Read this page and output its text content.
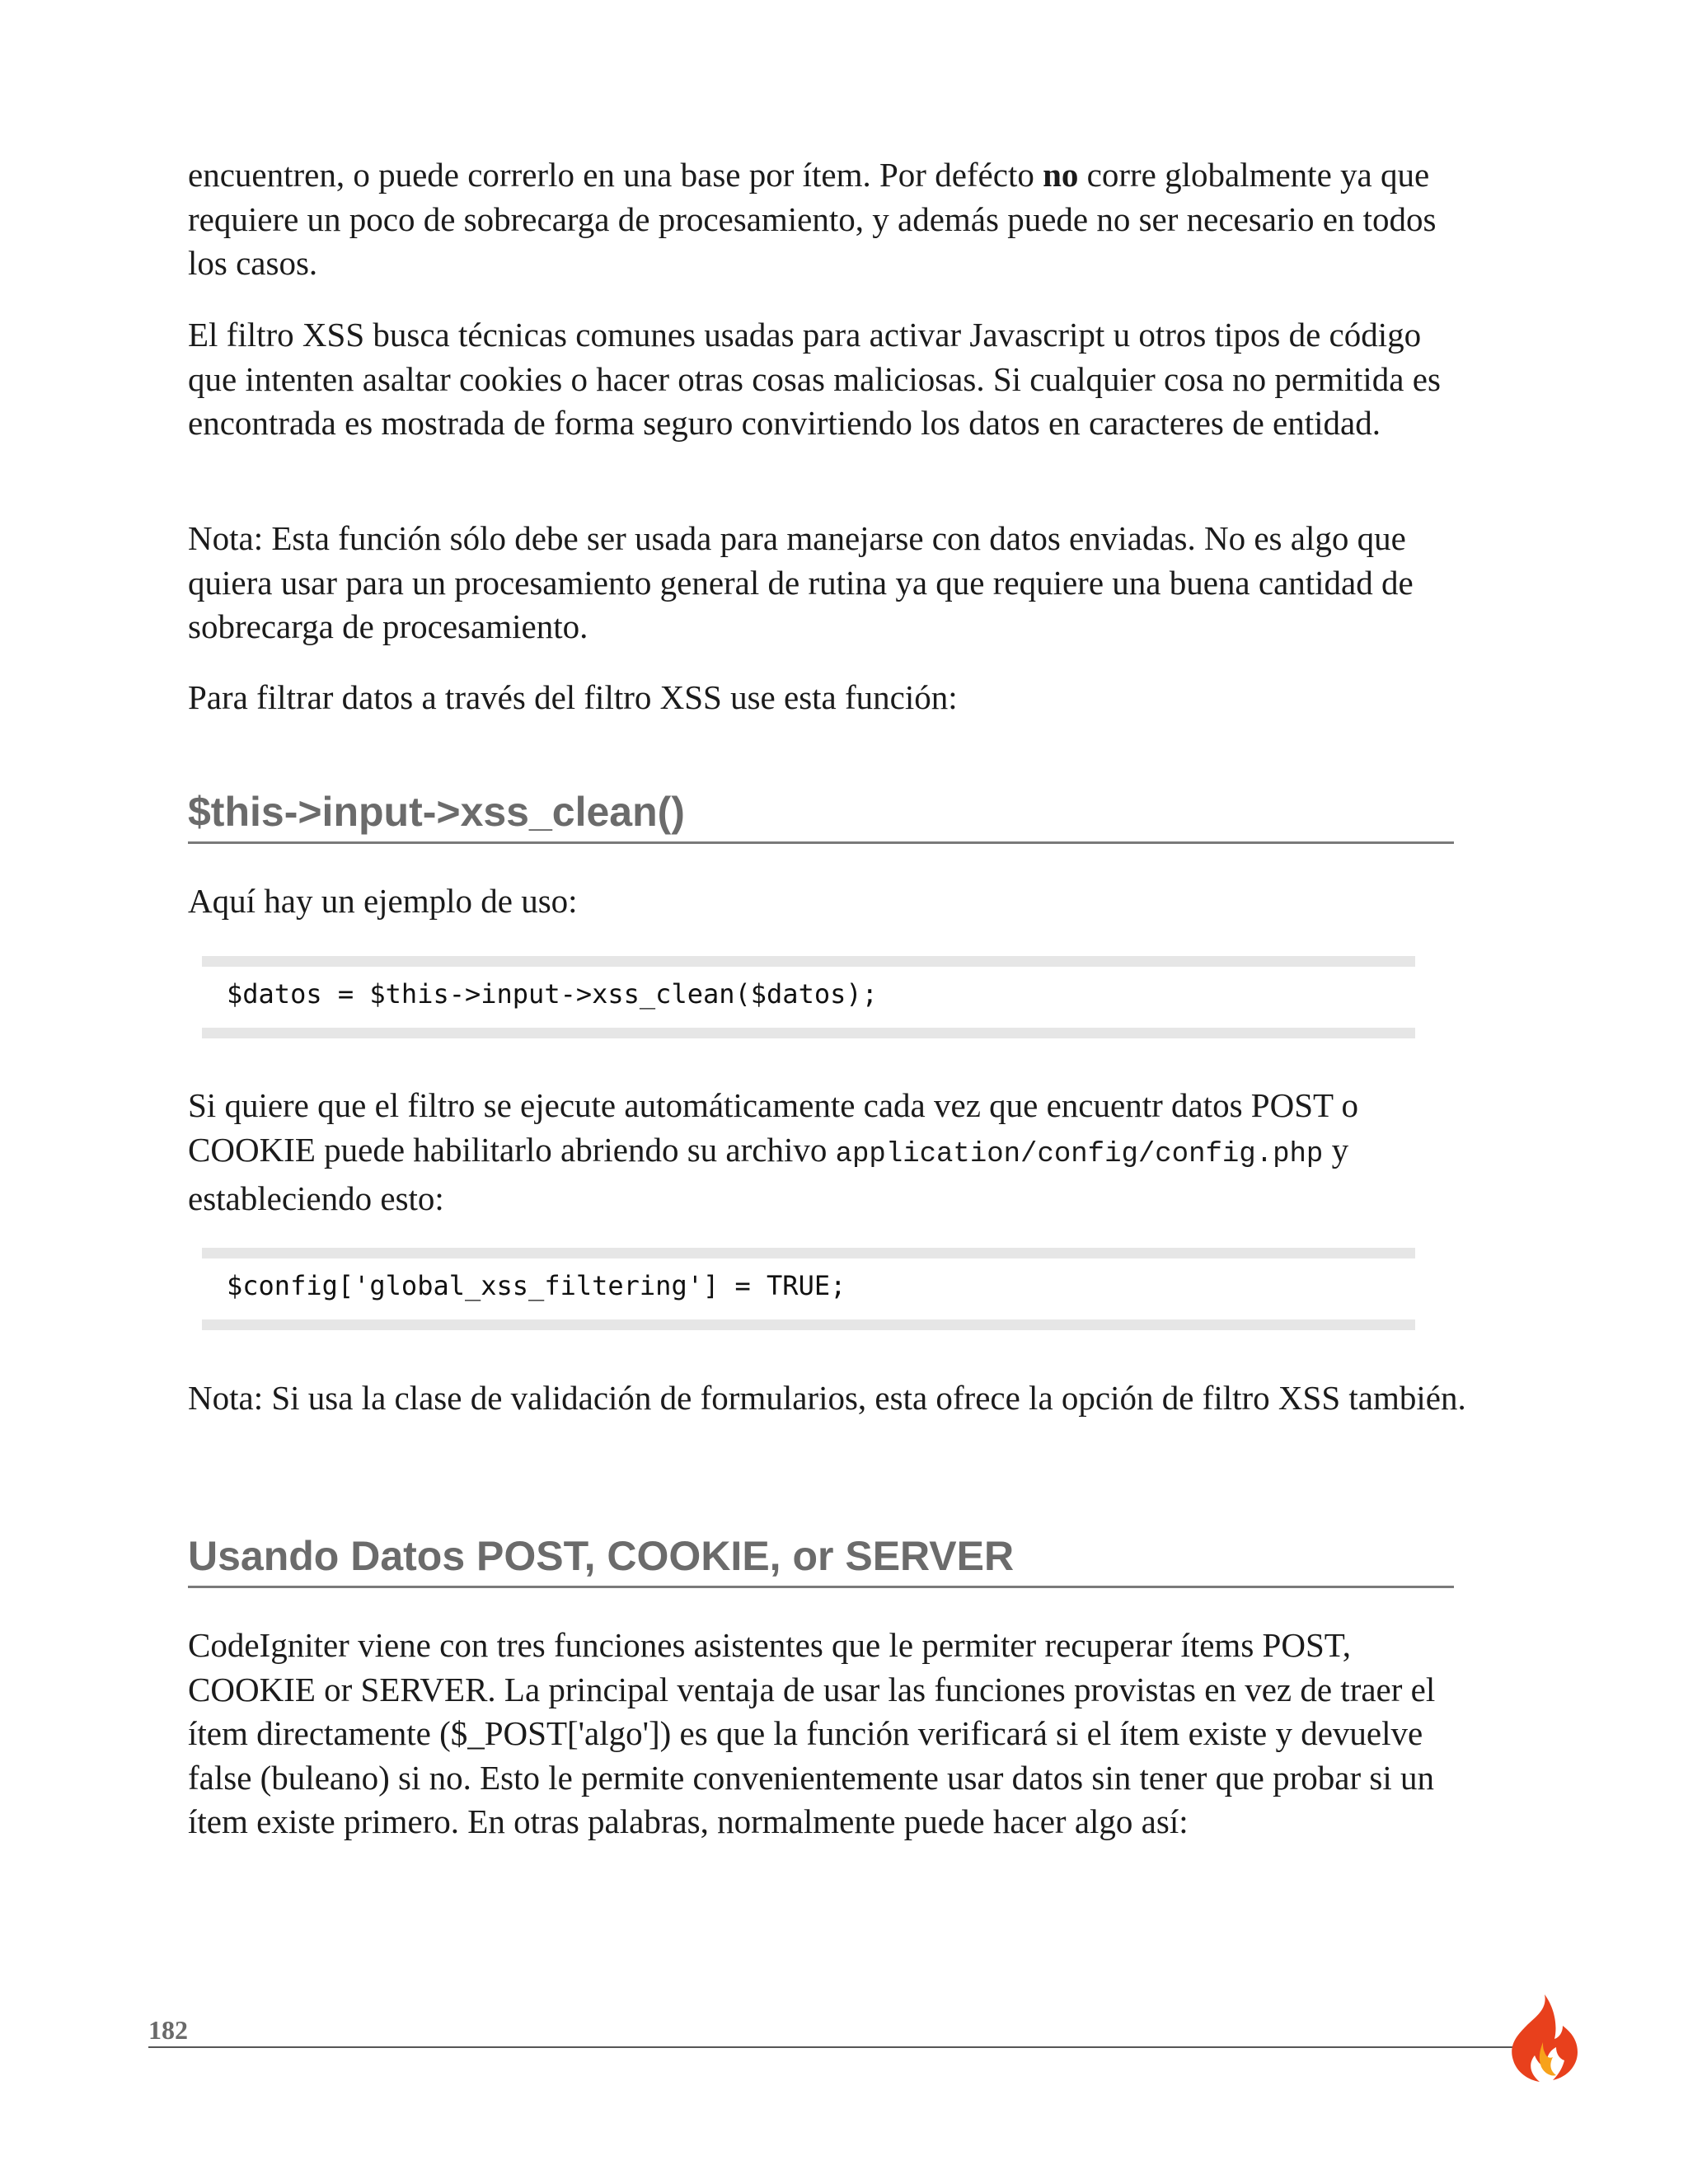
encuentren, o puede correrlo en una base por ítem. Por defécto no corre globalmente ya que requiere un poco de sobrecarga de procesamiento, y además puede no ser necesario en todos los casos.

El filtro XSS busca técnicas comunes usadas para activar Javascript u otros tipos de código que intenten asaltar cookies o hacer otras cosas maliciosas. Si cualquier cosa no permitida es encontrada es mostrada de forma seguro convirtiendo los datos en caracteres de entidad.

Nota: Esta función sólo debe ser usada para manejarse con datos enviadas. No es algo que quiera usar para un procesamiento general de rutina ya que requiere una buena cantidad de sobrecarga de procesamiento.

Para filtrar datos a través del filtro XSS use esta función:

$this->input->xss_clean()

Aquí hay un ejemplo de uso:

$datos = $this->input->xss_clean($datos);

Si quiere que el filtro se ejecute automáticamente cada vez que encuentr datos POST o COOKIE puede habilitarlo abriendo su archivo application/config/config.php y estableciendo esto:

$config['global_xss_filtering'] = TRUE;

Nota: Si usa la clase de validación de formularios, esta ofrece la opción de filtro XSS también.

Usando Datos POST, COOKIE, or SERVER

CodeIgniter viene con tres funciones asistentes que le permiter recuperar ítems POST, COOKIE or SERVER. La principal ventaja de usar las funciones provistas en vez de traer el ítem directamente ($_POST['algo']) es que la función verificará si el ítem existe y devuelve false (buleano) si no. Esto le permite convenientemente usar datos sin tener que probar si un ítem existe primero. En otras palabras, normalmente puede hacer algo así:

182
